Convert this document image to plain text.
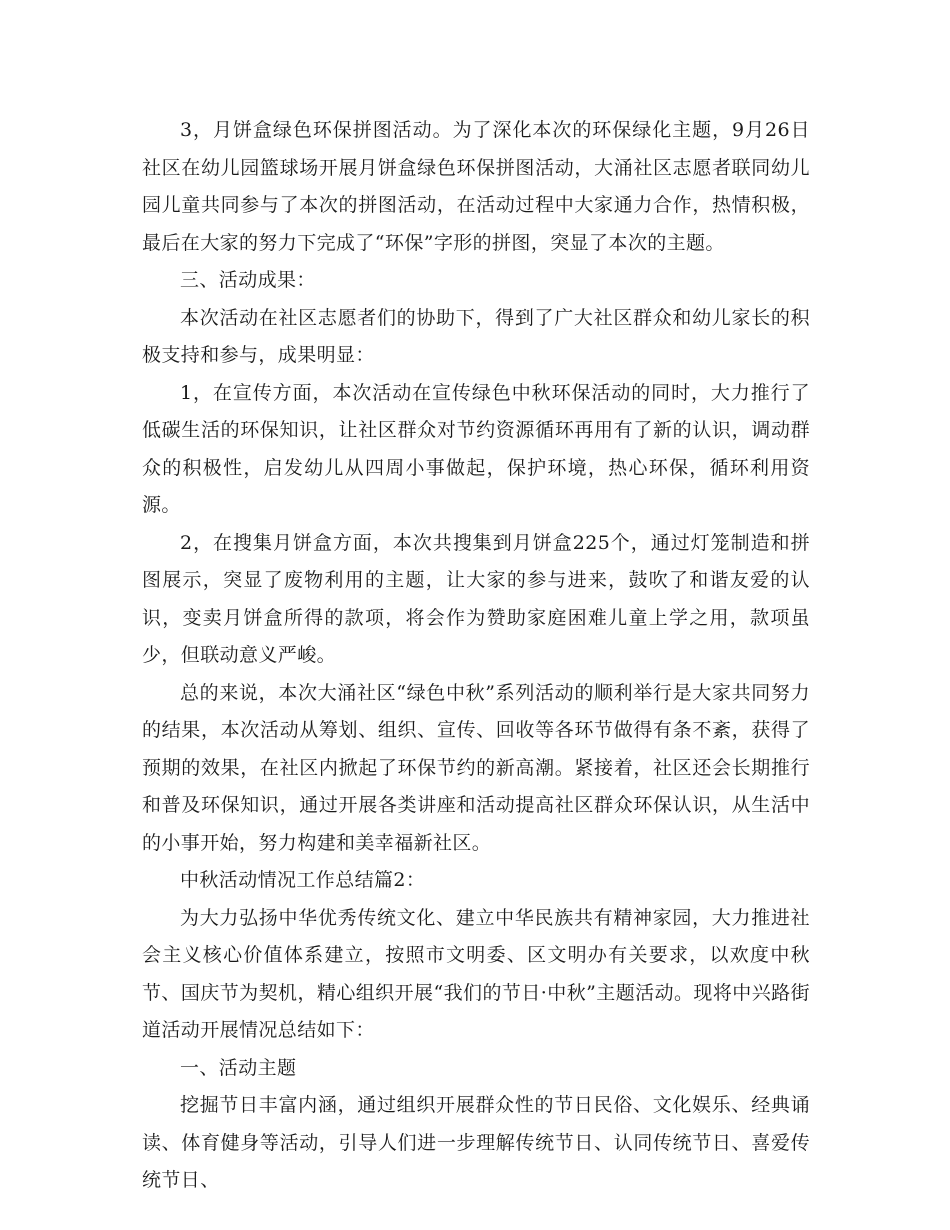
3，月饼盒绿色环保拼图活动。为了深化本次的环保绿化主题，9月26日社区在幼儿园篮球场开展月饼盒绿色环保拼图活动，大涌社区志愿者联同幼儿园儿童共同参与了本次的拼图活动，在活动过程中大家通力合作，热情积极，最后在大家的努力下完成了“环保”字形的拼图，突显了本次的主题。

三、活动成果：

本次活动在社区志愿者们的协助下，得到了广大社区群众和幼儿家长的积极支持和参与，成果明显：

1，在宣传方面，本次活动在宣传绿色中秋环保活动的同时，大力推行了低碳生活的环保知识，让社区群众对节约资源循环再用有了新的认识，调动群众的积极性，启发幼儿从四周小事做起，保护环境，热心环保，循环利用资源。

2，在搜集月饼盒方面，本次共搜集到月饼盒225个，通过灯笼制造和拼图展示，突显了废物利用的主题，让大家的参与进来，鼓吹了和谐友爱的认识，变卖月饼盒所得的款项，将会作为赞助家庭困难儿童上学之用，款项虽少，但联动意义严峻。

总的来说，本次大涌社区“绿色中秋”系列活动的顺利举行是大家共同努力的结果，本次活动从筹划、组织、宣传、回收等各环节做得有条不紊，获得了预期的效果，在社区内掀起了环保节约的新高潮。紧接着，社区还会长期推行和普及环保知识，通过开展各类讲座和活动提高社区群众环保认识，从生活中的小事开始，努力构建和美幸福新社区。

中秋活动情况工作总结篇2：

为大力弘扬中华优秀传统文化、建立中华民族共有精神家园，大力推进社会主义核心价值体系建立，按照市文明委、区文明办有关要求，以欢度中秋节、国庆节为契机，精心组织开展“我们的节日·中秋”主题活动。现将中兴路街道活动开展情况总结如下：

一、活动主题

挖掘节日丰富内涵，通过组织开展群众性的节日民俗、文化娱乐、经典诵读、体育健身等活动，引导人们进一步理解传统节日、认同传统节日、喜爱传统节日、
